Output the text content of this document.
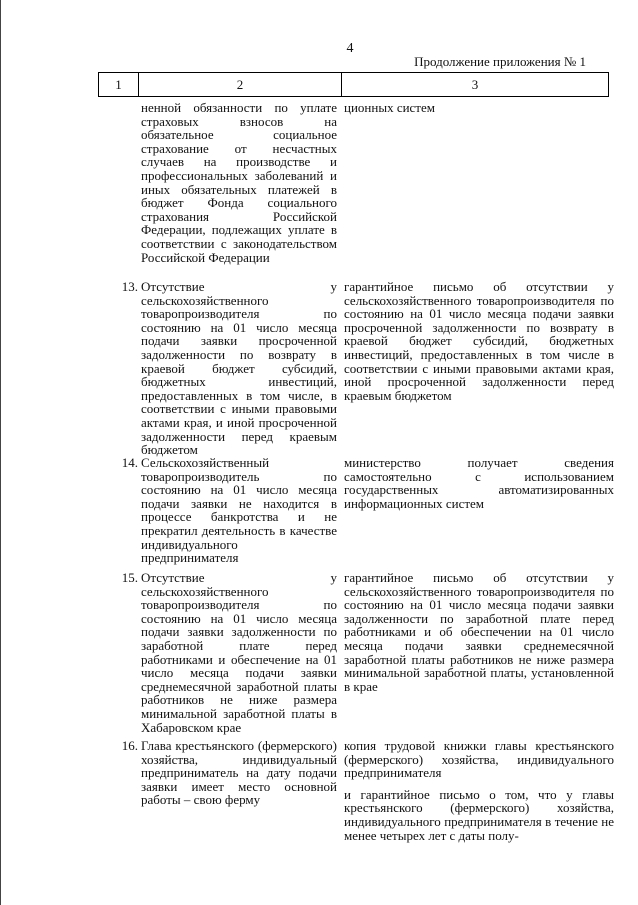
4
Продолжение приложения № 1
1	2	3
ненной обязанности по уплате страховых взносов на обязательное социальное страхование от несчастных случаев на производстве и профессиональных заболеваний и иных обязательных платежей в бюджет Фонда социального страхования Российской Федерации, подлежащих уплате в соответствии с законодательством Российской Федерации
ционных систем
13. Отсутствие у сельскохозяйственного товаропроизводителя по состоянию на 01 число месяца подачи заявки просроченной задолженности по возврату в краевой бюджет субсидий, бюджетных инвестиций, предоставленных в том числе, в соответствии с иными правовыми актами края, и иной просроченной задолженности перед краевым бюджетом
гарантийное письмо об отсутствии у сельскохозяйственного товаропроизводителя по состоянию на 01 число месяца подачи заявки просроченной задолженности по возврату в краевой бюджет субсидий, бюджетных инвестиций, предоставленных в том числе в соответствии с иными правовыми актами края, иной просроченной задолженности перед краевым бюджетом
14. Сельскохозяйственный товаропроизводитель по состоянию на 01 число месяца подачи заявки не находится в процессе банкротства и не прекратил деятельность в качестве индивидуального предпринимателя
министерство получает сведения самостоятельно с использованием государственных автоматизированных информационных систем
15. Отсутствие у сельскохозяйственного товаропроизводителя по состоянию на 01 число месяца подачи заявки задолженности по заработной плате перед работниками и обеспечение на 01 число месяца подачи заявки среднемесячной заработной платы работников не ниже размера минимальной заработной платы в Хабаровском крае
гарантийное письмо об отсутствии у сельскохозяйственного товаропроизводителя по состоянию на 01 число месяца подачи заявки задолженности по заработной плате перед работниками и об обеспечении на 01 число месяца подачи заявки среднемесячной заработной платы работников не ниже размера минимальной заработной платы, установленной в крае
16. Глава крестьянского (фермерского) хозяйства, индивидуальный предприниматель на дату подачи заявки имеет место основной работы – свою ферму

копия трудовой книжки главы крестьянского (фермерского) хозяйства, индивидуального предпринимателя

и гарантийное письмо о том, что у главы крестьянского (фермерского) хозяйства, индивидуального предпринимателя в течение не менее четырех лет с даты полу-
